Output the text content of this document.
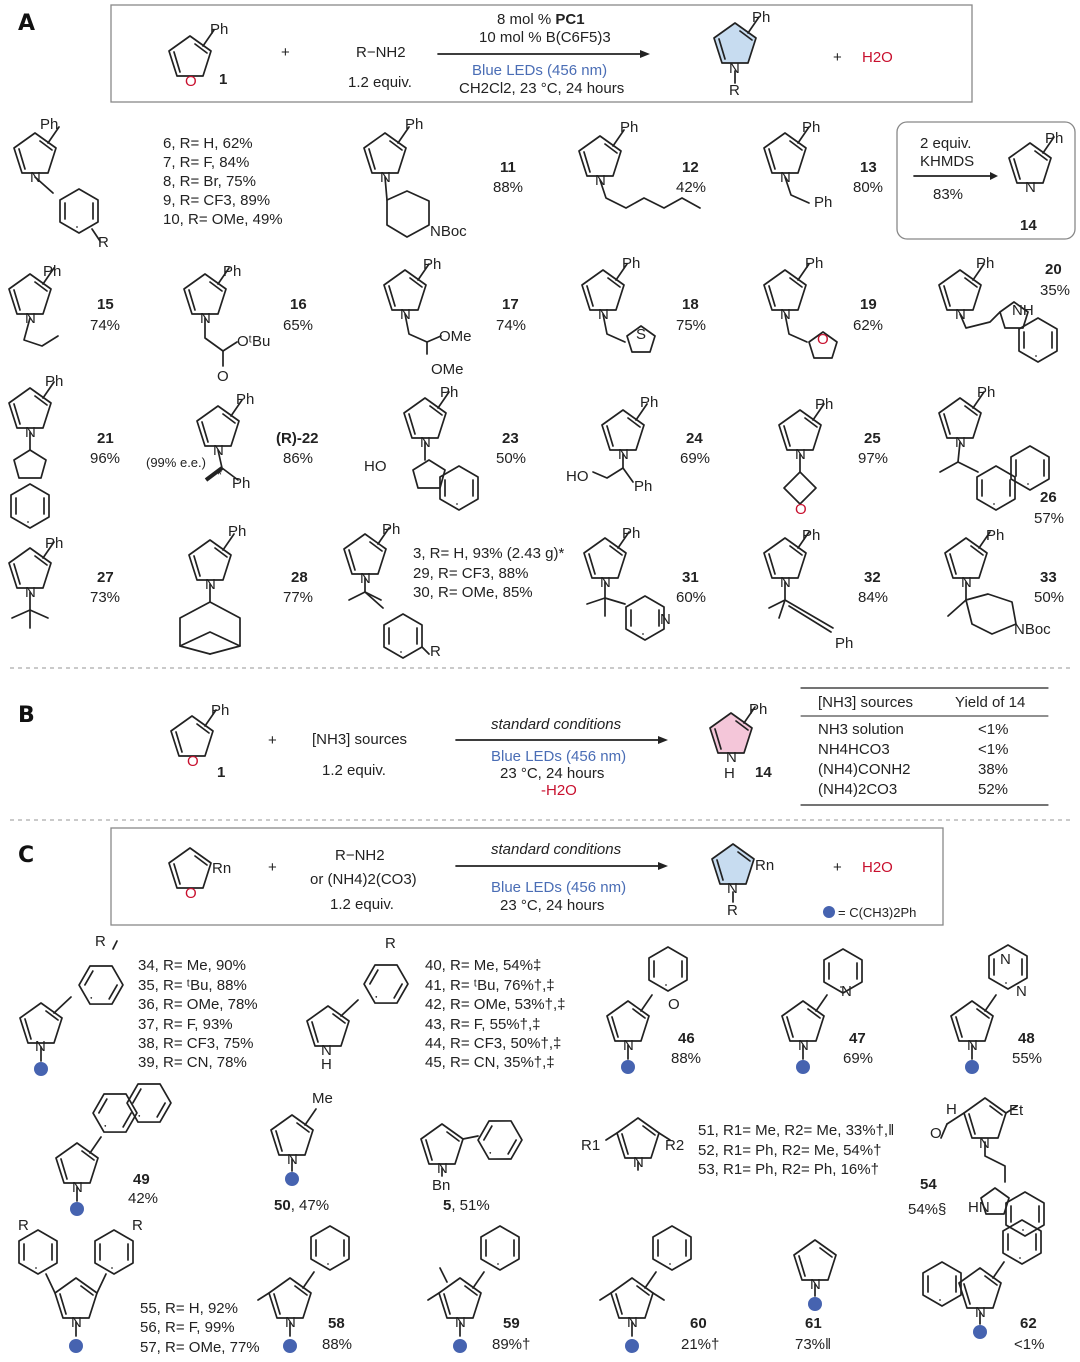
A	Ph
O 1
+	R−NH2
1.2 equiv.
8 mol % PC1
10 mol % B(C6F5)3
Blue LEDs (456 nm)
CH2Cl2, 23 °C, 24 hours
Ph
N
R
+ H2O
Ph
N
R
6, R= H, 62%
7, R= F, 84%
8, R= Br, 75%
9, R= CF3, 89%
10, R= OMe, 49%
Ph
N
NBoc
11
88%
Ph
N
12
42%
Ph
N
Ph
13
80%
2 equiv.
KHMDS
83%
Ph
N
14
Ph
N
15
74%
Ph
N
OᵗBu
O
16
65%
Ph
N
OMe
OMe
17
74%
Ph
N
S
18
75%
Ph
N
O
19
62%
Ph
N	NH
20
35%
Ph
N	21
96%
Ph
N
(99% e.e.)
*
Ph
(R)-22
86%
Ph
N
HO
23
50%
Ph
N
HO
Ph
24
69%
Ph
N
O
25
97%
Ph
N
26
57%
Ph
N
27
73%
Ph
N	28
77%
Ph
N
R
3, R= H, 93% (2.43 g)*
29, R= CF3, 88%
30, R= OMe, 85%
Ph
N
N
31
60%
Ph
N
Ph
32
84%
Ph
N
NBoc
33
50%
B	Ph
O
1
+ [NH3] sources
1.2 equiv.
standard conditions
Blue LEDs (456 nm)
23 °C, 24 hours
-H2O
Ph
N
H 14
[NH3] sources	Yield of 14
NH3 solution	<1%
NH4HCO3	<1%
(NH4)CONH2	38%
(NH4)2CO3	52%
C
Rn
O
+
R−NH2
or (NH4)2(CO3)
1.2 equiv.
standard conditions
Blue LEDs (456 nm)
23 °C, 24 hours
Rn
N
R
+ H2O
= C(CH3)2Ph
R
N
34, R= Me, 90%
35, R= ᵗBu, 88%
36, R= OMe, 78%
37, R= F, 93%
38, R= CF3, 75%
39, R= CN, 78%
R
N
H
40, R= Me, 54%‡
41, R= ᵗBu, 76%†,‡
42, R= OMe, 53%†,‡
43, R= F, 55%†,‡
44, R= CF3, 50%†,‡
45, R= CN, 35%†,‡
N
O
46
88%
N
N
47
69%
N
N
N
48
55%
N	49
42%
Me
N
50, 47%
N
Bn
5, 51%
R1	R2
N
51, R1= Me, R2= Me, 33%†,‖
52, R1= Ph, R2= Me, 54%†
53, R1= Ph, R2= Ph, 16%†
H
O
Et
N
HN
54
54%§
R	R
N
55, R= H, 92%
56, R= F, 99%
57, R= OMe, 77%
N 58
88%
N 59
89%†
N	60
21%†
N
61
73%‖
N
62
<1%
